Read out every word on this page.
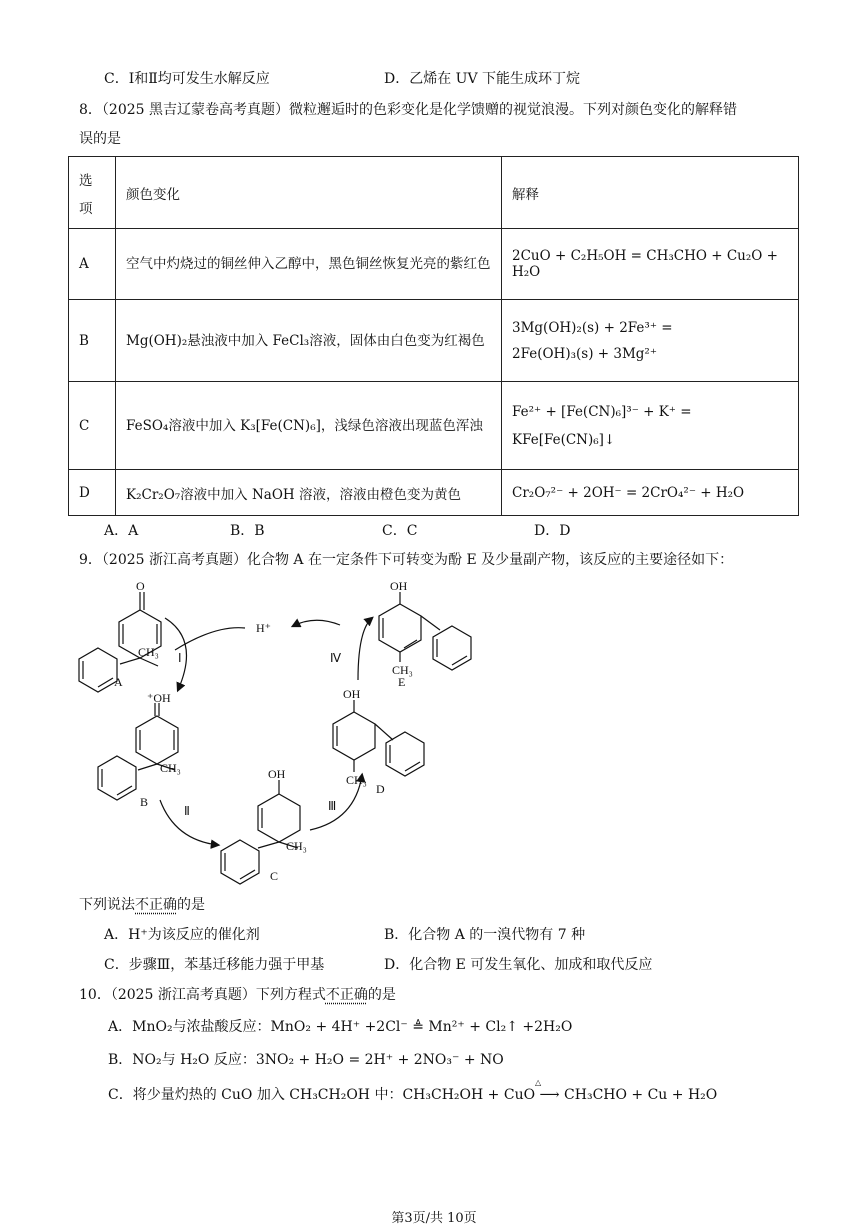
C．Ⅰ和Ⅱ均可发生水解反应	D．乙烯在 UV 下能生成环丁烷
8．（2025 黑吉辽蒙卷高考真题）微粒邂逅时的色彩变化是化学馈赠的视觉浪漫。下列对颜色变化的解释错
误的是
选
项	颜色变化	解释
A	空气中灼烧过的铜丝伸入乙醇中，黑色铜丝恢复光亮的紫红色	2CuO + C₂H₅OH = CH₃CHO + Cu₂O + H₂O
B	Mg(OH)₂悬浊液中加入 FeCl₃溶液，固体由白色变为红褐色	3Mg(OH)₂(s) + 2Fe³⁺ =
2Fe(OH)₃(s) + 3Mg²⁺

C	FeSO₄溶液中加入 K₃[Fe(CN)₆]，浅绿色溶液出现蓝色浑浊	Fe²⁺ + [Fe(CN)₆]³⁻ + K⁺ =
KFe[Fe(CN)₆]↓

D	K₂Cr₂O₇溶液中加入 NaOH 溶液，溶液由橙色变为黄色	Cr₂O₇²⁻ + 2OH⁻ = 2CrO₄²⁻ + H₂O
A．A	B．B	C．C	D．D
9．（2025 浙江高考真题）化合物 A 在一定条件下可转变为酚 E 及少量副产物，该反应的主要途径如下：
O
CH₃
A
Ⅰ
⁺OH
CH₃
B
Ⅱ
OH
CH₃
C
Ⅲ
OH
CH₃
D
OH
CH₃
E
Ⅳ
H⁺
下列说法不正确的是
A．H⁺为该反应的催化剂	B．化合物 A 的一溴代物有 7 种
C．步骤Ⅲ，苯基迁移能力强于甲基	D．化合物 E 可发生氧化、加成和取代反应
10．（2025 浙江高考真题）下列方程式不正确的是
A．MnO₂与浓盐酸反应：MnO₂ + 4H⁺ +2Cl⁻ ≜ Mn²⁺ + Cl₂↑ +2H₂O
B．NO₂与 H₂O 反应：3NO₂ + H₂O = 2H⁺ + 2NO₃⁻ + NO
C．将少量灼热的 CuO 加入 CH₃CH₂OH 中：CH₃CH₂OH + CuO ⟶ CH₃CHO + Cu + H₂O
△
第3页/共 10页
